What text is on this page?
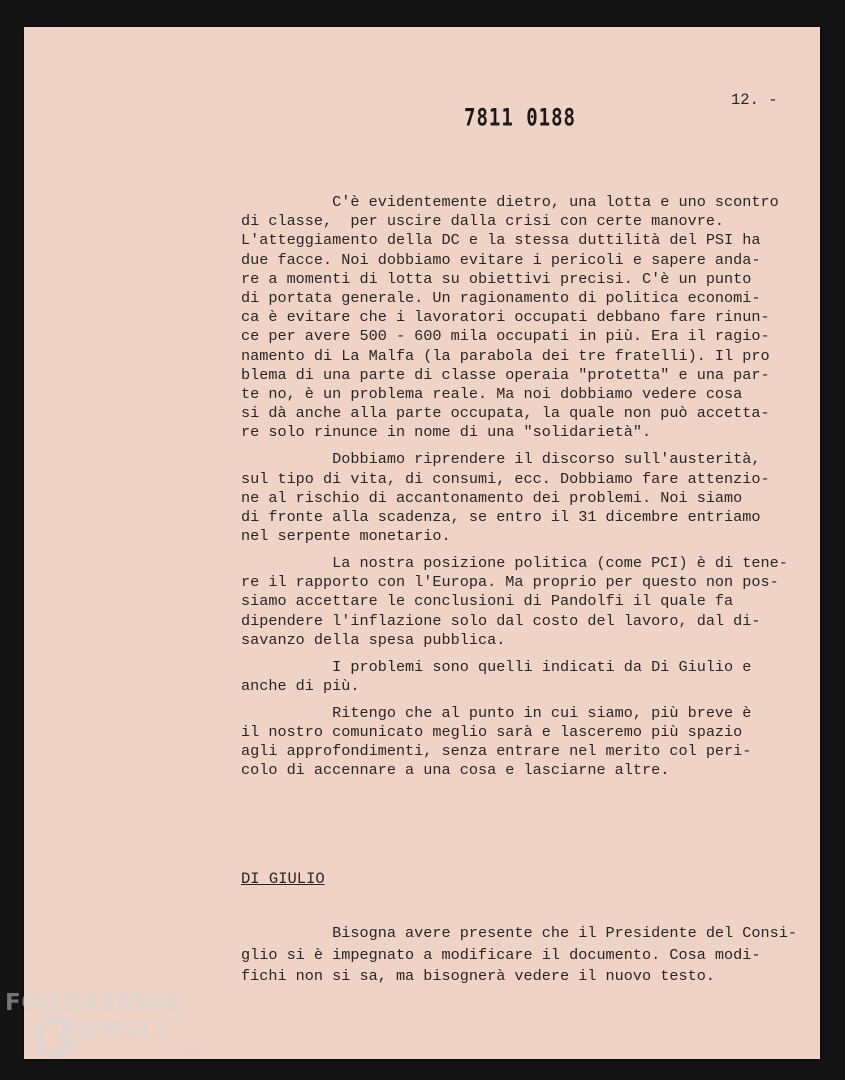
12. -
7811 0188
C'è evidentemente dietro, una lotta e uno scontro
di classe,  per uscire dalla crisi con certe manovre.
L'atteggiamento della DC e la stessa duttilità del PSI ha
due facce. Noi dobbiamo evitare i pericoli e sapere anda-
re a momenti di lotta su obiettivi precisi. C'è un punto
di portata generale. Un ragionamento di politica economi-
ca è evitare che i lavoratori occupati debbano fare rinun-
ce per avere 500 - 600 mila occupati in più. Era il ragio-
namento di La Malfa (la parabola dei tre fratelli). Il pro
blema di una parte di classe operaia "protetta" e una par-
te no, è un problema reale. Ma noi dobbiamo vedere cosa
si dà anche alla parte occupata, la quale non può accetta-
re solo rinunce in nome di una "solidarietà".
Dobbiamo riprendere il discorso sull'austerità,
sul tipo di vita, di consumi, ecc. Dobbiamo fare attenzio-
ne al rischio di accantonamento dei problemi. Noi siamo
di fronte alla scadenza, se entro il 31 dicembre entriamo
nel serpente monetario.
La nostra posizione politica (come PCI) è di tene-
re il rapporto con l'Europa. Ma proprio per questo non pos-
siamo accettare le conclusioni di Pandolfi il quale fa
dipendere l'inflazione solo dal costo del lavoro, dal di-
savanzo della spesa pubblica.
I problemi sono quelli indicati da Di Giulio e
anche di più.
Ritengo che al punto in cui siamo, più breve è
il nostro comunicato meglio sarà e lasceremo più spazio
agli approfondimenti, senza entrare nel merito col peri-
colo di accennare a una cosa e lasciarne altre.
DI GIULIO
Bisogna avere presente che il Presidente del Consi-
glio si è impegnato a modificare il documento. Cosa modi-
fichi non si sa, ma bisognerà vedere il nuovo testo.
FONDAZIONE
RAMSCI
onlus
